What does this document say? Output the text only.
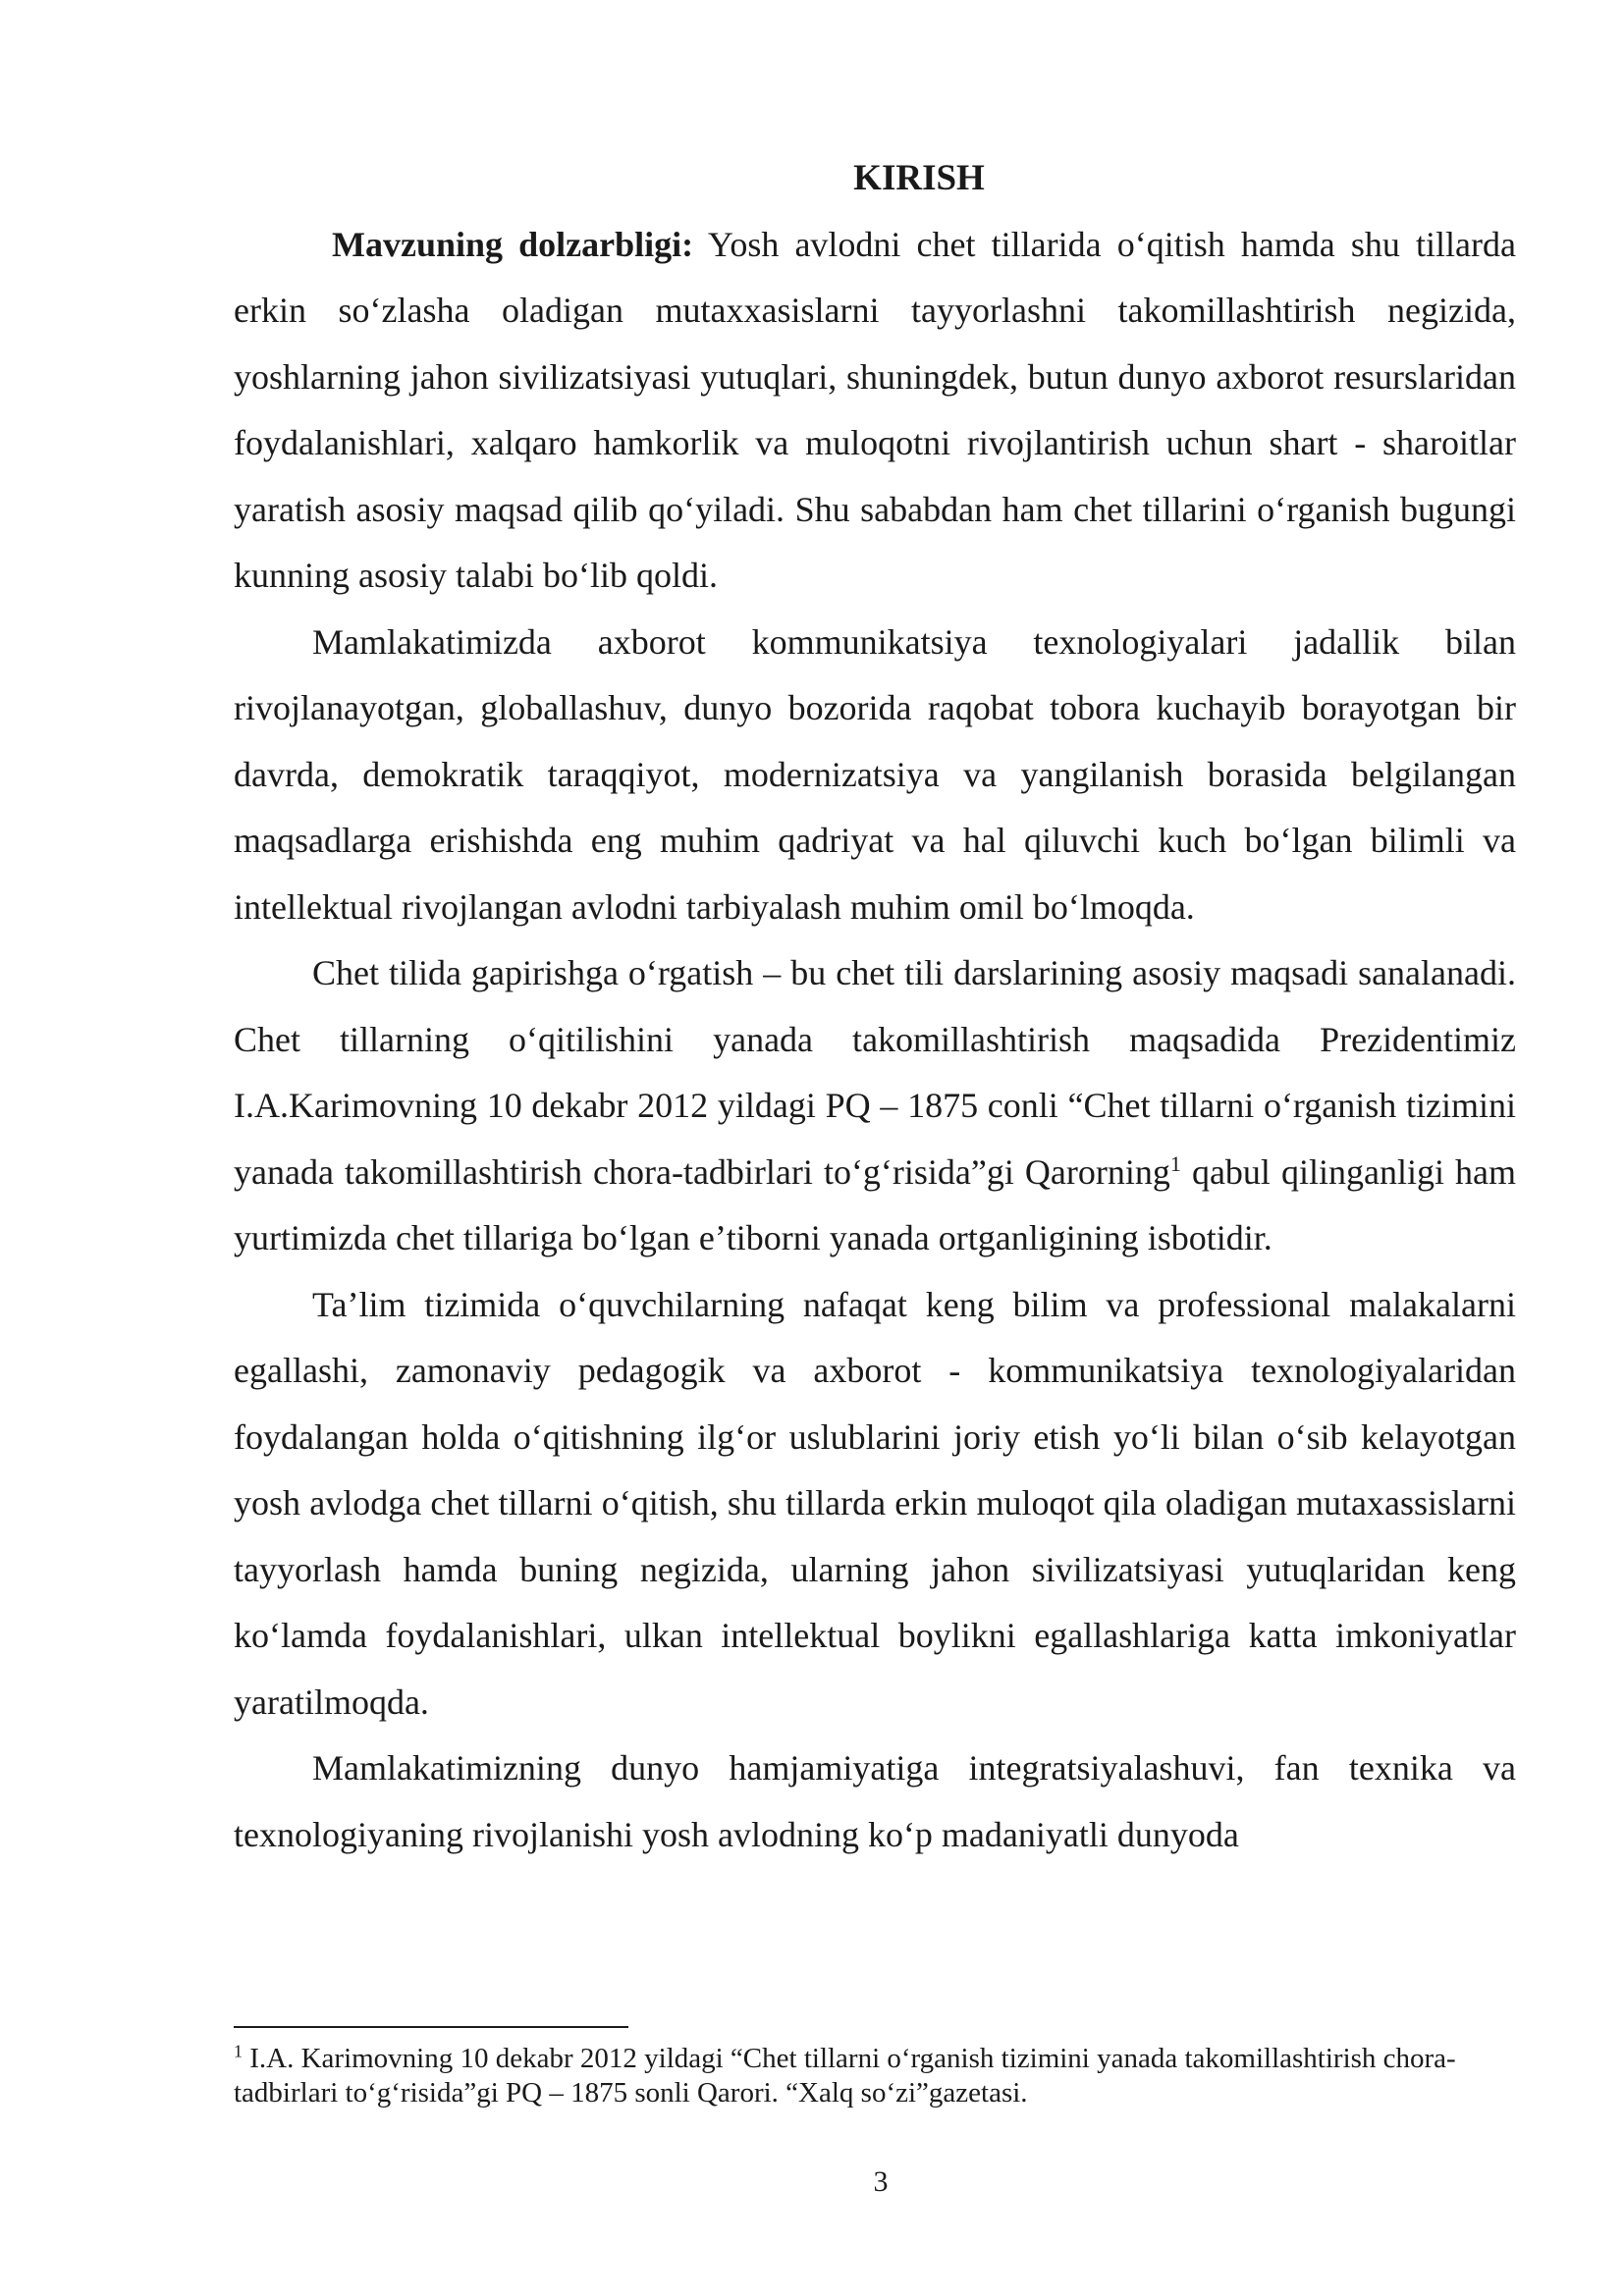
KIRISH

Mavzuning dolzarbligi: Yosh avlodni chet tillarida oʻqitish hamda shu tillarda erkin soʻzlasha oladigan mutaxxasislarni tayyorlashni takomillashtirish negizida, yoshlarning jahon sivilizatsiyasi yutuqlari, shuningdek, butun dunyo axborot resurslaridan foydalanishlari, xalqaro hamkorlik va muloqotni rivojlantirish uchun shart - sharoitlar yaratish asosiy maqsad qilib qoʻyiladi. Shu sababdan ham chet tillarini oʻrganish bugungi kunning asosiy talabi boʻlib qoldi.

Mamlakatimizda axborot kommunikatsiya texnologiyalari jadallik bilan rivojlanayotgan, globallashuv, dunyo bozorida raqobat tobora kuchayib borayotgan bir davrda, demokratik taraqqiyot, modernizatsiya va yangilanish borasida belgilangan maqsadlarga erishishda eng muhim qadriyat va hal qiluvchi kuch boʻlgan bilimli va intellektual rivojlangan avlodni tarbiyalash muhim omil boʻlmoqda.

Chet tilida gapirishga oʻrgatish – bu chet tili darslarining asosiy maqsadi sanalanadi. Chet tillarning oʻqitilishini yanada takomillashtirish maqsadida Prezidentimiz I.A.Karimovning 10 dekabr 2012 yildagi PQ – 1875 conli “Chet tillarni oʻrganish tizimini yanada takomillashtirish chora-tadbirlari toʻgʻrisida”gi Qarorning$^1$ qabul qilinganligi ham yurtimizda chet tillariga boʻlgan eʼtiborni yanada ortganligining isbotidir.

Taʼlim tizimida oʻquvchilarning nafaqat keng bilim va professional malakalarni egallashi, zamonaviy pedagogik va axborot - kommunikatsiya texnologiyalaridan foydalangan holda oʻqitishning ilgʻor uslublarini joriy etish yoʻli bilan oʻsib kelayotgan yosh avlodga chet tillarni oʻqitish, shu tillarda erkin muloqot qila oladigan mutaxassislarni tayyorlash hamda buning negizida, ularning jahon sivilizatsiyasi yutuqlaridan keng koʻlamda foydalanishlari, ulkan intellektual boylikni egallashlariga katta imkoniyatlar yaratilmoqda.

Mamlakatimizning dunyo hamjamiyatiga integratsiyalashuvi, fan texnika va texnologiyaning rivojlanishi yosh avlodning koʻp madaniyatli dunyoda

$^1$ I.A. Karimovning 10 dekabr 2012 yildagi “Chet tillarni oʻrganish tizimini yanada takomillashtirish chora-tadbirlari toʻgʻrisida”gi PQ – 1875 sonli Qarori. “Xalq soʻzi”gazetasi.

3
